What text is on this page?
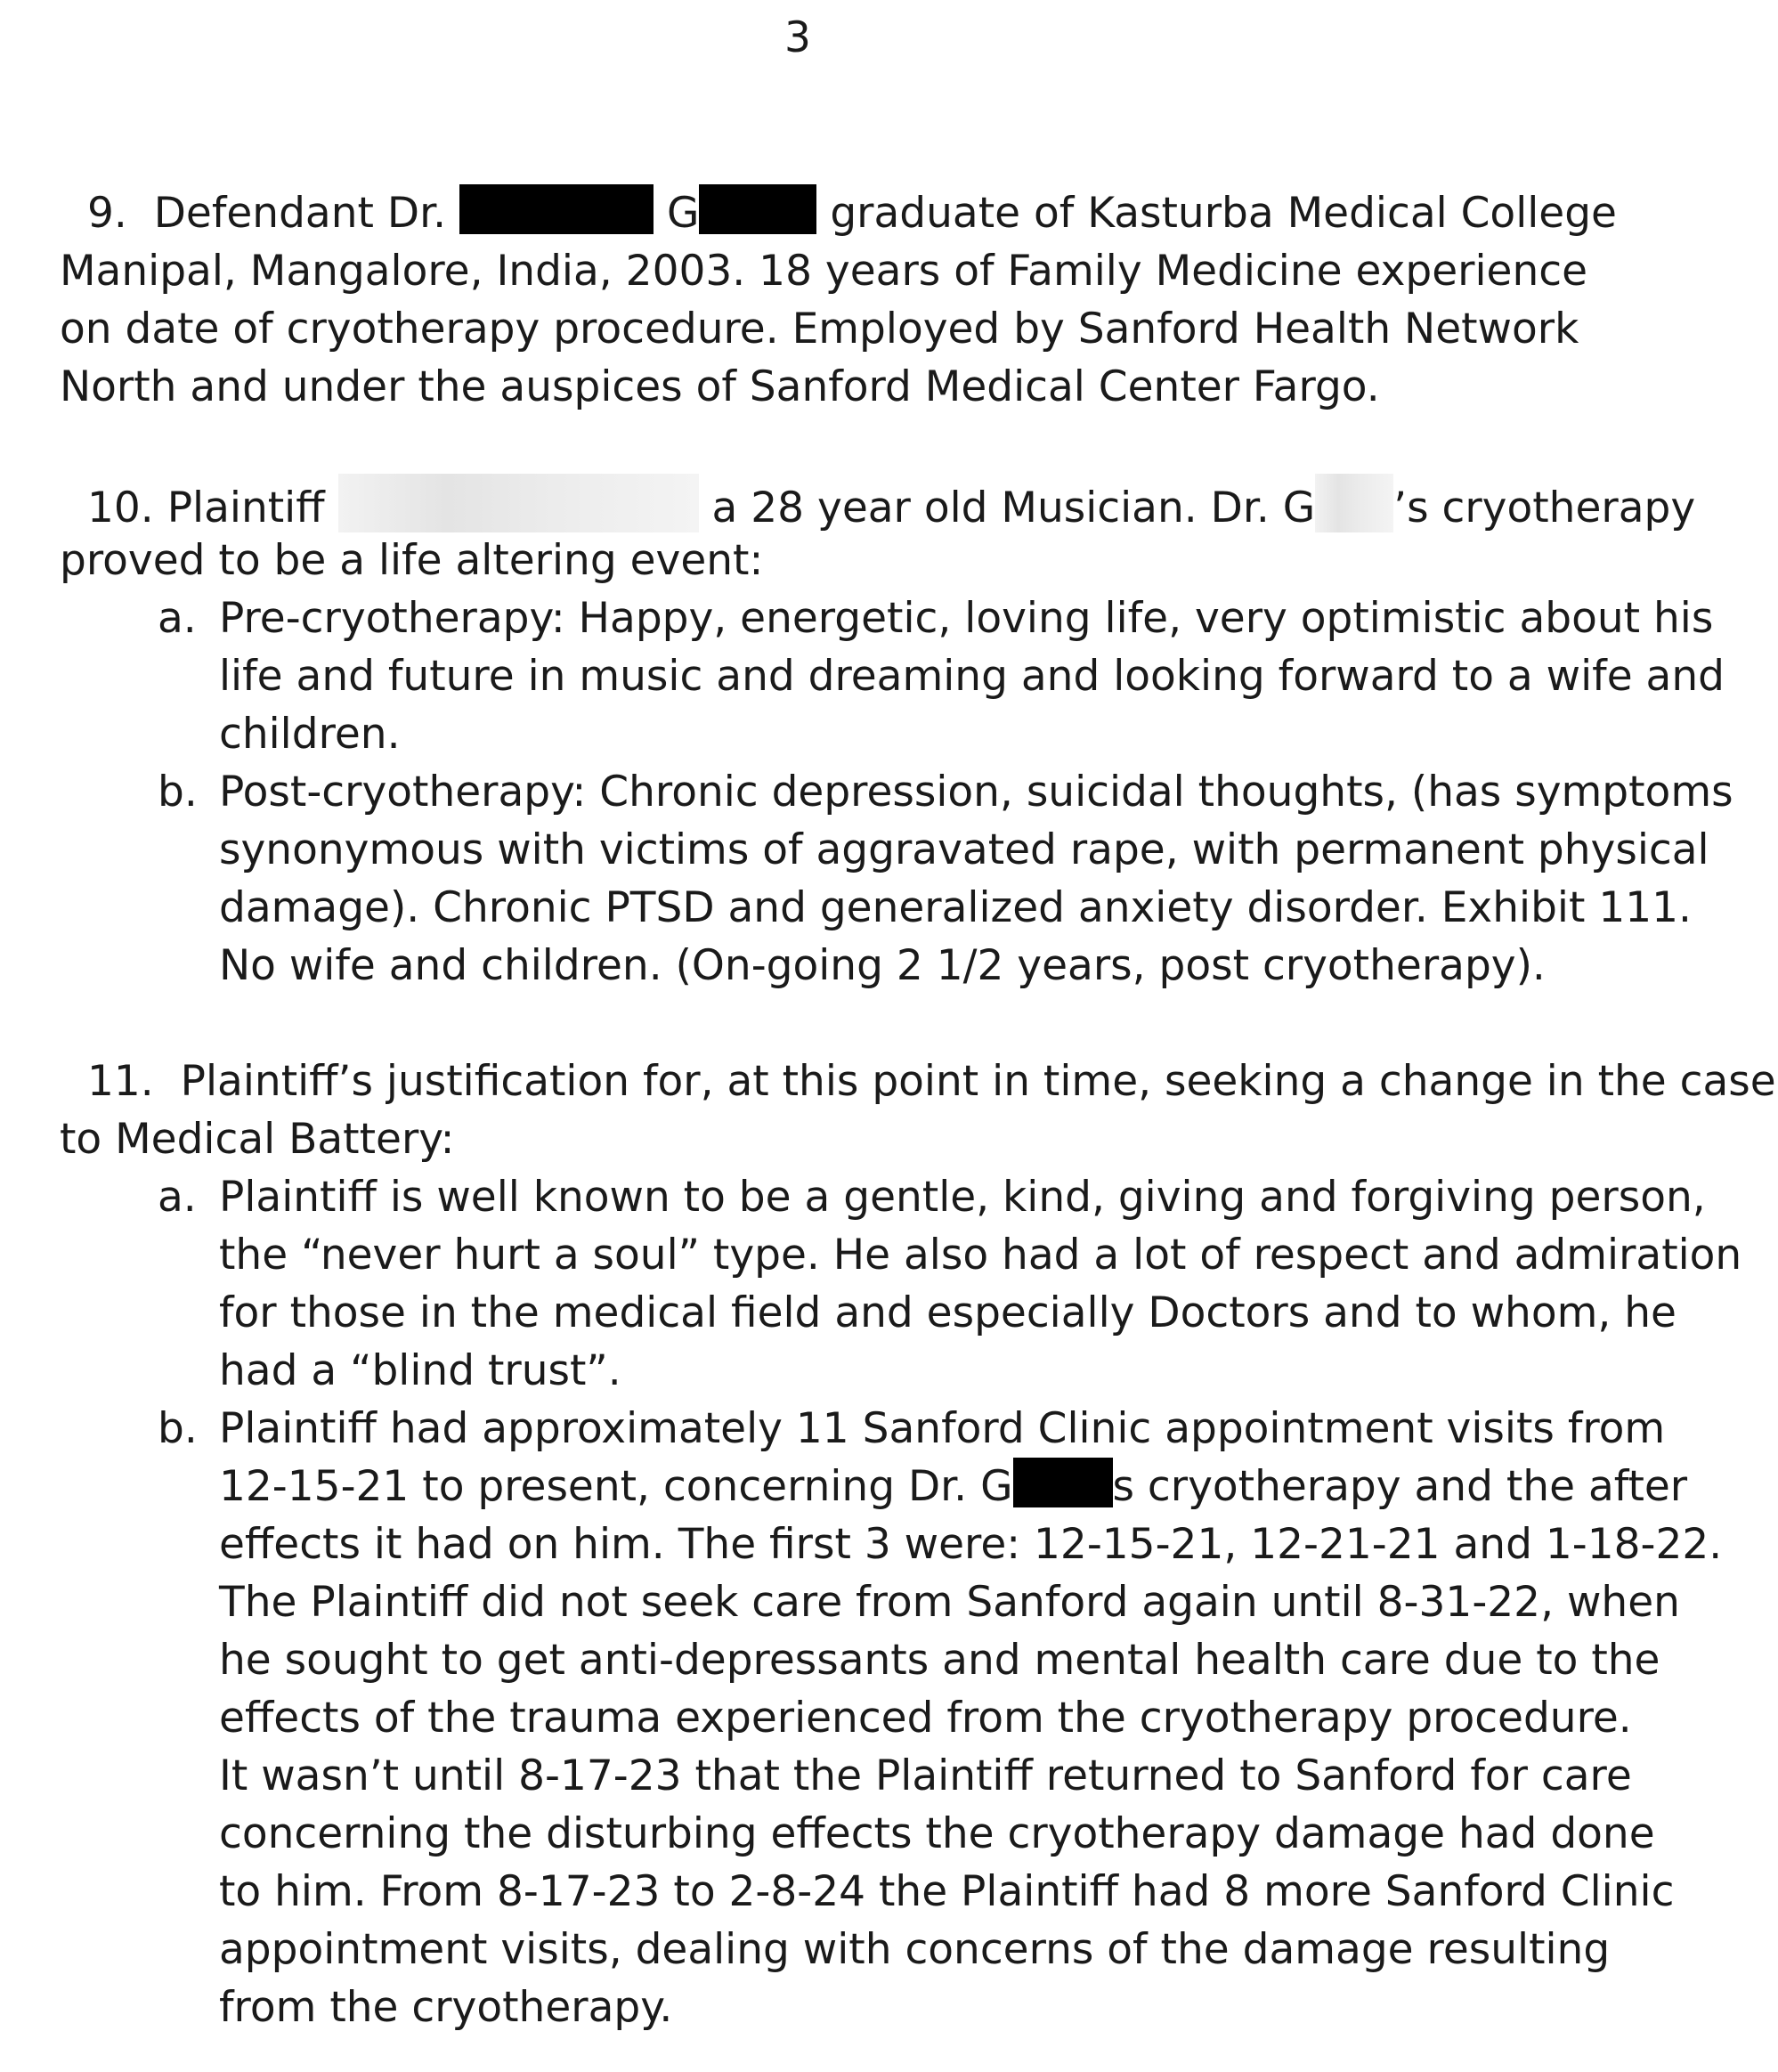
3
9. Defendant Dr.	G	graduate of Kasturba Medical College
Manipal, Mangalore, India, 2003. 18 years of Family Medicine experience
on date of cryotherapy procedure. Employed by Sanford Health Network
North and under the auspices of Sanford Medical Center Fargo.
10. Plaintiff	a 28 year old Musician. Dr. G ’s cryotherapy
proved to be a life altering event:
a. Pre-cryotherapy: Happy, energetic, loving life, very optimistic about his
life and future in music and dreaming and looking forward to a wife and
children.
b. Post-cryotherapy: Chronic depression, suicidal thoughts, (has symptoms
synonymous with victims of aggravated rape, with permanent physical
damage). Chronic PTSD and generalized anxiety disorder. Exhibit 111.
No wife and children. (On-going 2 1/2 years, post cryotherapy).
11. Plaintiff’s justification for, at this point in time, seeking a change in the case
to Medical Battery:
a. Plaintiff is well known to be a gentle, kind, giving and forgiving person,
the “never hurt a soul” type. He also had a lot of respect and admiration
for those in the medical field and especially Doctors and to whom, he
had a “blind trust”.
b. Plaintiff had approximately 11 Sanford Clinic appointment visits from
12-15-21 to present, concerning Dr. G s cryotherapy and the after
effects it had on him. The first 3 were: 12-15-21, 12-21-21 and 1-18-22.
The Plaintiff did not seek care from Sanford again until 8-31-22, when
he sought to get anti-depressants and mental health care due to the
effects of the trauma experienced from the cryotherapy procedure.
It wasn’t until 8-17-23 that the Plaintiff returned to Sanford for care
concerning the disturbing effects the cryotherapy damage had done
to him. From 8-17-23 to 2-8-24 the Plaintiff had 8 more Sanford Clinic
appointment visits, dealing with concerns of the damage resulting
from the cryotherapy.
